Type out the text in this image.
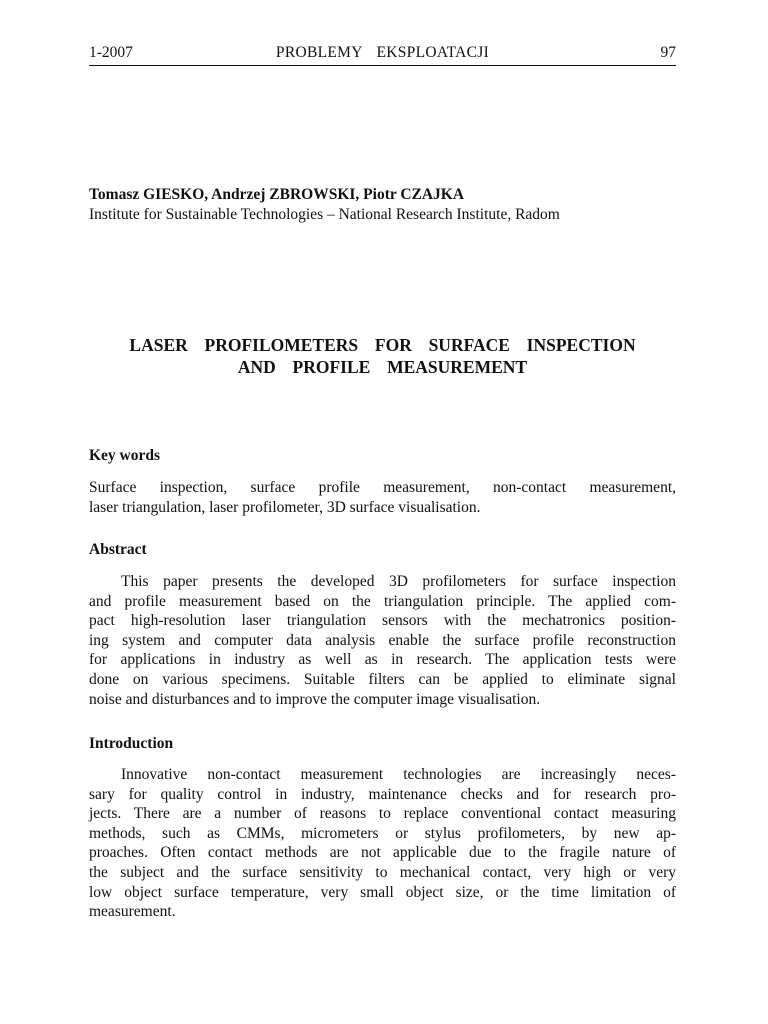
1-2007	PROBLEMY  EKSPLOATACJI	97
Tomasz GIESKO, Andrzej ZBROWSKI, Piotr CZAJKA
Institute for Sustainable Technologies – National Research Institute, Radom
LASER  PROFILOMETERS  FOR  SURFACE  INSPECTION
AND  PROFILE  MEASUREMENT
Key words
Surface inspection, surface profile measurement, non-contact measurement,
laser triangulation, laser profilometer, 3D surface visualisation.
Abstract
This paper presents the developed 3D profilometers for surface inspection
and profile measurement based on the triangulation principle. The applied com-
pact high-resolution laser triangulation sensors with the mechatronics position-
ing system and computer data analysis enable the surface profile reconstruction
for applications in industry as well as in research. The application tests were
done on various specimens. Suitable filters can be applied to eliminate signal
noise and disturbances and to improve the computer image visualisation.
Introduction
Innovative non-contact measurement technologies are increasingly neces-
sary for quality control in industry, maintenance checks and for research pro-
jects. There are a number of reasons to replace conventional contact measuring
methods, such as CMMs, micrometers or stylus profilometers, by new ap-
proaches. Often contact methods are not applicable due to the fragile nature of
the subject and the surface sensitivity to mechanical contact, very high or very
low object surface temperature, very small object size, or the time limitation of
measurement.
